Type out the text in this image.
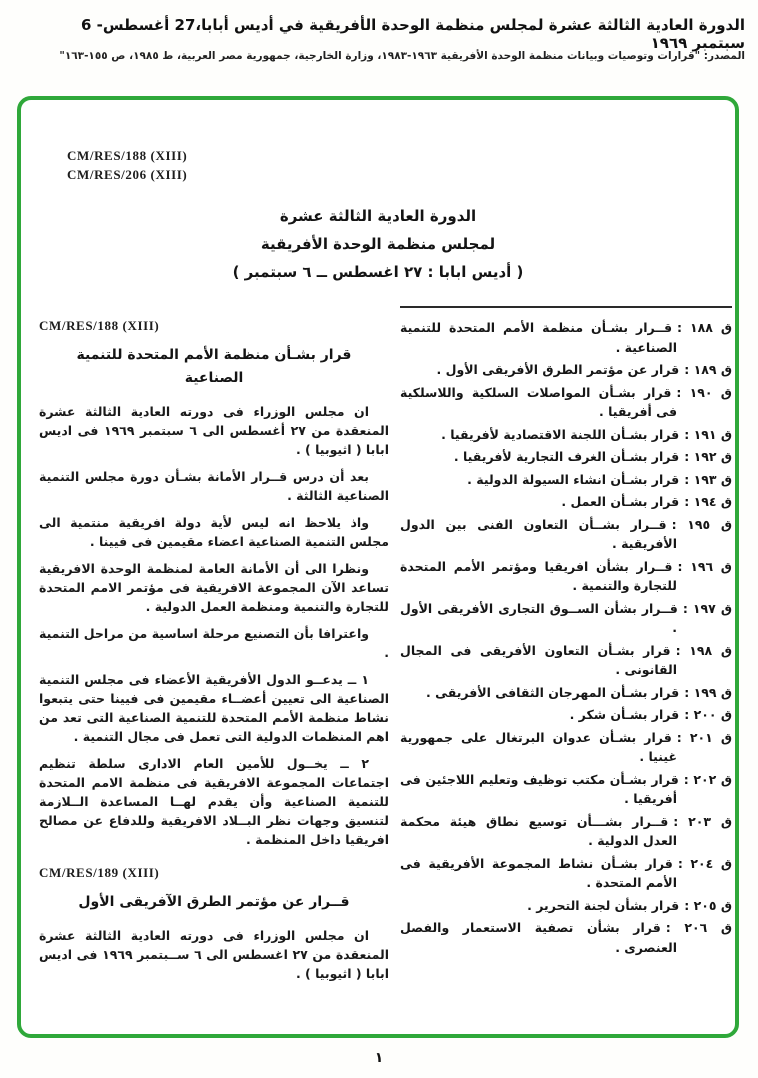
الدورة العادية الثالثة عشرة لمجلس منظمة الوحدة الأفريقية في أديس أبابا،27 أغسطس- 6 سبتمبر ١٩٦٩
المصدر: "قرارات وتوصيات وبيانات منظمة الوحدة الأفريقية ١٩٦٣-١٩٨٣، وزارة الخارجية، جمهورية مصر العربية، ط ١٩٨٥، ص ١٥٥-١٦٣"
CM/RES/188 (XIII)
CM/RES/206 (XIII)
الدورة العادية الثالثة عشرة
لمجلس منظمة الوحدة الأفريقية
( أديس ابابا : ٢٧ اغسطس ــ ٦ سبتمبر )
ق ١٨٨ :قــرار بشـأن منظمة الأمم المتحدة للتنمية الصناعية .
ق ١٨٩ :قرار عن مؤتمر الطرق الأفريقى الأول .
ق ١٩٠ :قرار بشـأن المواصلات السلكية واللاسلكية فى أفريقيا .
ق ١٩١ :قرار بشـأن اللجنة الاقتصادية لأفريقيا .
ق ١٩٢ :قرار بشـأن الغرف التجارية لأفريقيا .
ق ١٩٣ :قرار بشـأن انشاء السيولة الدولية .
ق ١٩٤ :قرار بشـأن العمل .
ق ١٩٥ :قــرار بشــأن التعاون الفنى بين الدول الأفريقية .
ق ١٩٦ :قــرار بشأن افريقيا ومؤتمر الأمم المتحدة للتجارة والتنمية .
ق ١٩٧ :قــرار بشأن الســوق التجارى الأفريقى الأول .
ق ١٩٨ :قرار بشـأن التعاون الأفريقى فى المجال القانونى .
ق ١٩٩ :قرار بشـأن المهرجان الثقافى الأفريقى .
ق ٢٠٠ :قرار بشـأن شكر .
ق ٢٠١ :قرار بشـأن عدوان البرتغال على جمهورية غينيا .
ق ٢٠٢ :قرار بشـأن مكتب توظيف وتعليم اللاجئين فى أفريقيا .
ق ٢٠٣ :قــرار بشـــأن توسيع نطاق هيئة محكمة العدل الدولية .
ق ٢٠٤ :قرار بشـأن نشاط المجموعة الأفريقية فى الأمم المتحدة .
ق ٢٠٥ :قرار بشأن لجنة التحرير .
ق ٢٠٦ :قرار بشأن تصفية الاستعمار والفصل العنصرى .
CM/RES/188 (XIII)
قرار بشـأن منظمة الأمم المتحدة للتنمية الصناعية

ان مجلس الوزراء فى دورته العادية الثالثة عشرة المنعقدة من ٢٧ أغسطس الى ٦ سبتمبر ١٩٦٩ فى اديس ابابا ( اثيوبيا ) .

بعد أن درس قــرار الأمانة بشـأن دورة مجلس التنمية الصناعية الثالثة .

واذ يلاحظ انه ليس لأية دولة افريقية منتمية الى مجلس التنمية الصناعية اعضاء مقيمين فى فيينا .

ونظرا الى أن الأمانة العامة لمنظمة الوحدة الافريقية تساعد الآن المجموعة الافريقية فى مؤتمر الامم المتحدة للتجارة والتنمية ومنظمة العمل الدولية .

واعترافا بأن التصنيع مرحلة اساسية من مراحل التنمية .

١ ــ يدعــو الدول الأفريقية الأعضاء فى مجلس التنمية الصناعية الى تعيين أعضــاء مقيمين فى فيينا حتى يتبعوا نشاط منظمة الأمم المتحدة للتنمية الصناعية التى تعد من اهم المنظمات الدولية التى تعمل فى مجال التنمية .

٢ ــ يخــول للأمين العام الادارى سلطة تنظيم اجتماعات المجموعة الافريقية فى منظمة الامم المتحدة للتنمية الصناعية وأن يقدم لهــا المساعدة الــلازمة لتنسيق وجهات نظر البــلاد الافريقية وللدفاع عن مصالح افريقيا داخل المنظمة .

CM/RES/189 (XIII)
قــرار عن مؤتمر الطرق الآفريقى الأول

ان مجلس الوزراء فى دورته العادية الثالثة عشرة المنعقدة من ٢٧ اغسطس الى ٦ ســبتمبر ١٩٦٩ فى اديس ابابا ( اثيوبيا ) .

١
